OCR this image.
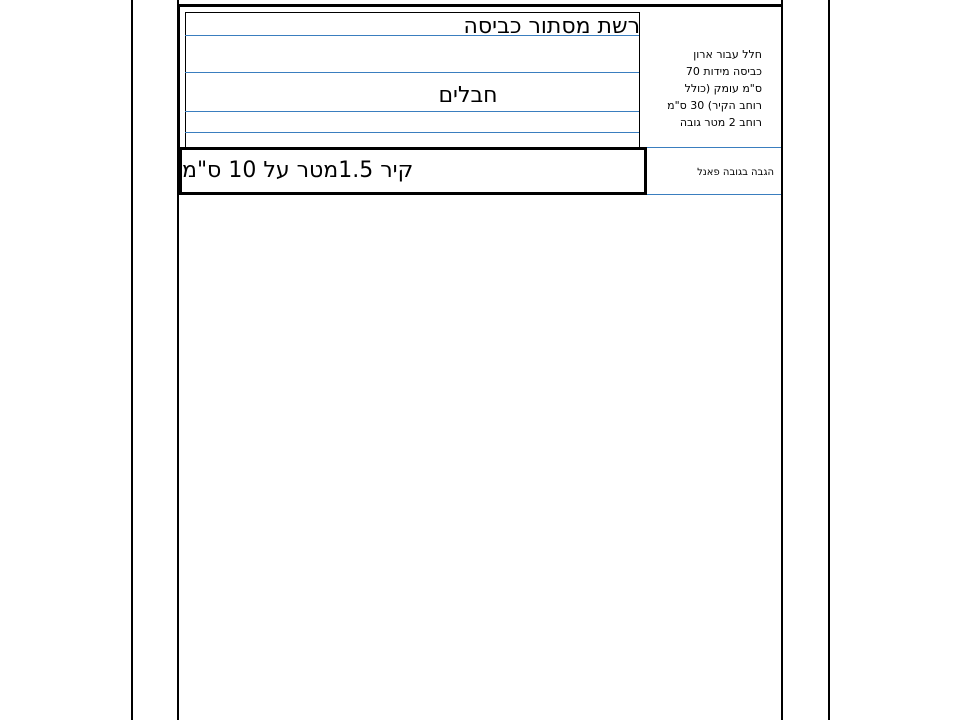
רשת מסתור כביסה
חבלים
חלל עבור ארון
כביסה מידות 70
ס"מ עומק (כולל
רוחב הקיר) 30 ס"מ
רוחב 2 מטר גובה
הגבה בגובה פאנל
קיר 1.5מטר על 10 ס"מ
